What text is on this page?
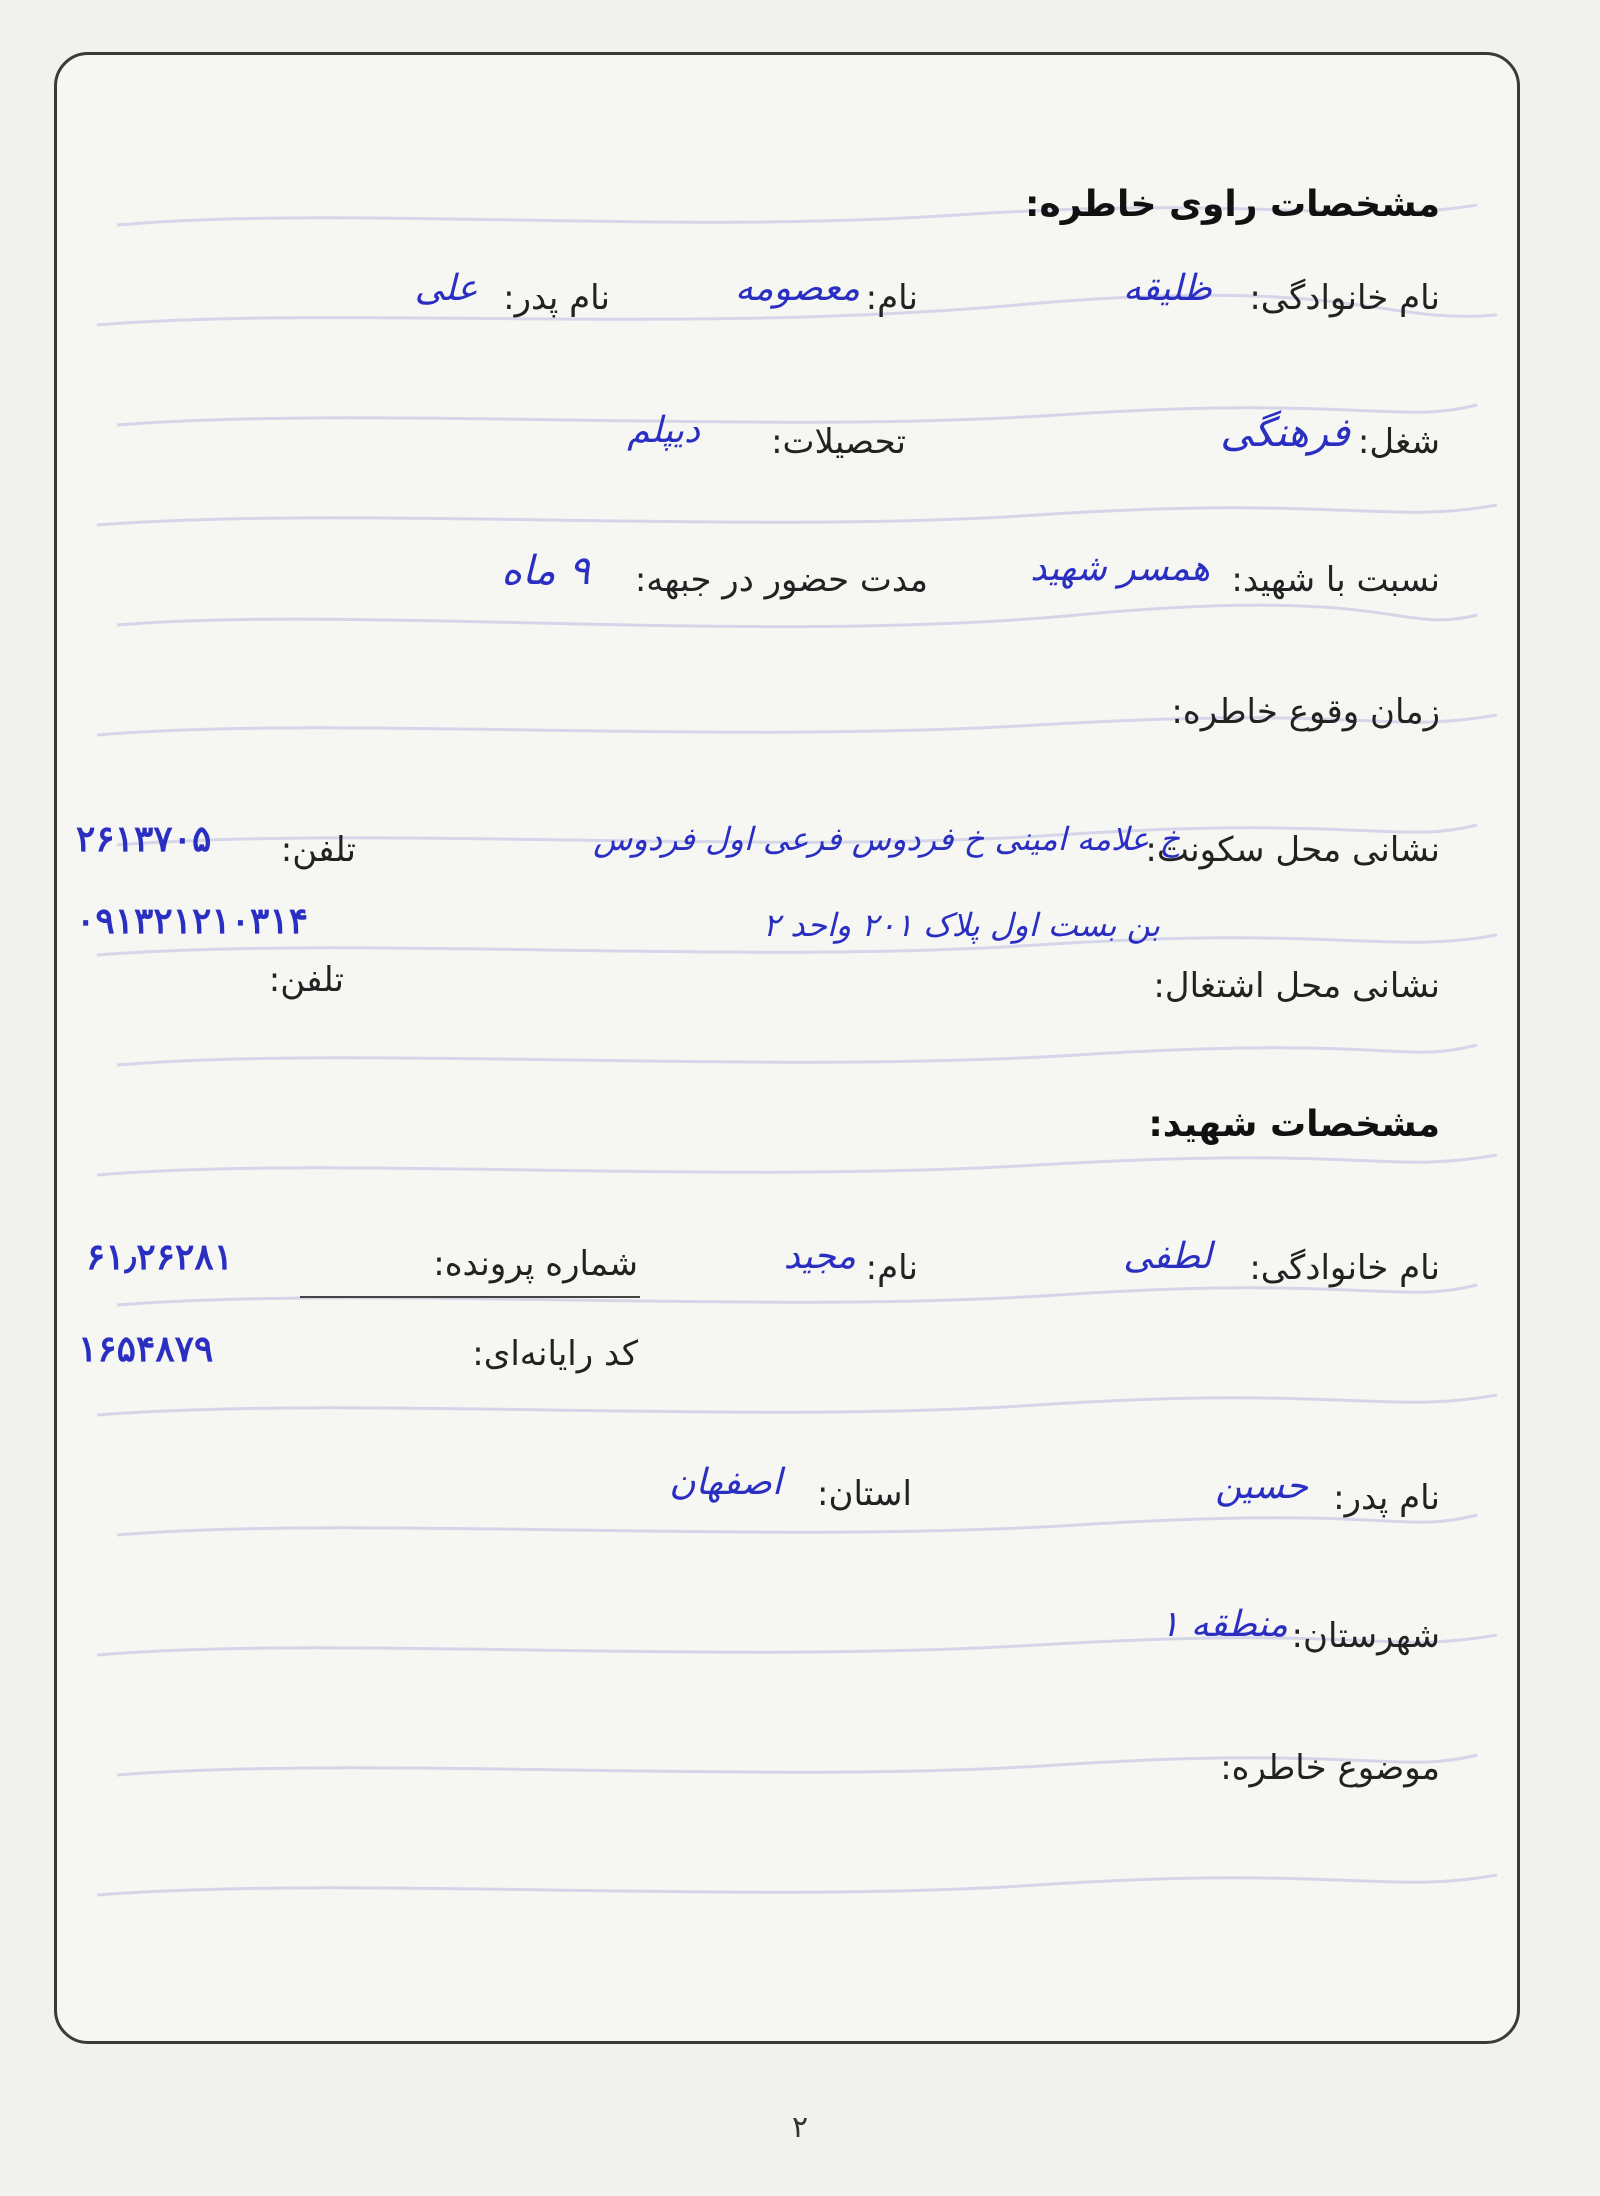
مشخصات راوی خاطره:
نام خانوادگی:
ظلیقه
نام:
معصومه
نام پدر:
علی
شغل:
فرهنگی
تحصیلات:
دیپلم
نسبت با شهید:
همسر شهید
مدت حضور در جبهه:
۹ ماه
زمان وقوع خاطره:
نشانی محل سکونت:
خ علامه امینی خ فردوس فرعی اول فردوس
بن بست اول پلاک ۲۰۱ واحد ۲
تلفن:
۲۶۱۳۷۰۵
۰۹۱۳۲۱۲۱۰۳۱۴
نشانی محل اشتغال:
تلفن:
مشخصات شهید:
نام خانوادگی:
لطفی
نام:
مجید
شماره پرونده:
۶۱٫۲۶۲۸۱
کد رایانه‌ای:
۱۶۵۴۸۷۹
نام پدر:
حسین
استان:
اصفهان
شهرستان:
منطقه ۱
موضوع خاطره:
۲
